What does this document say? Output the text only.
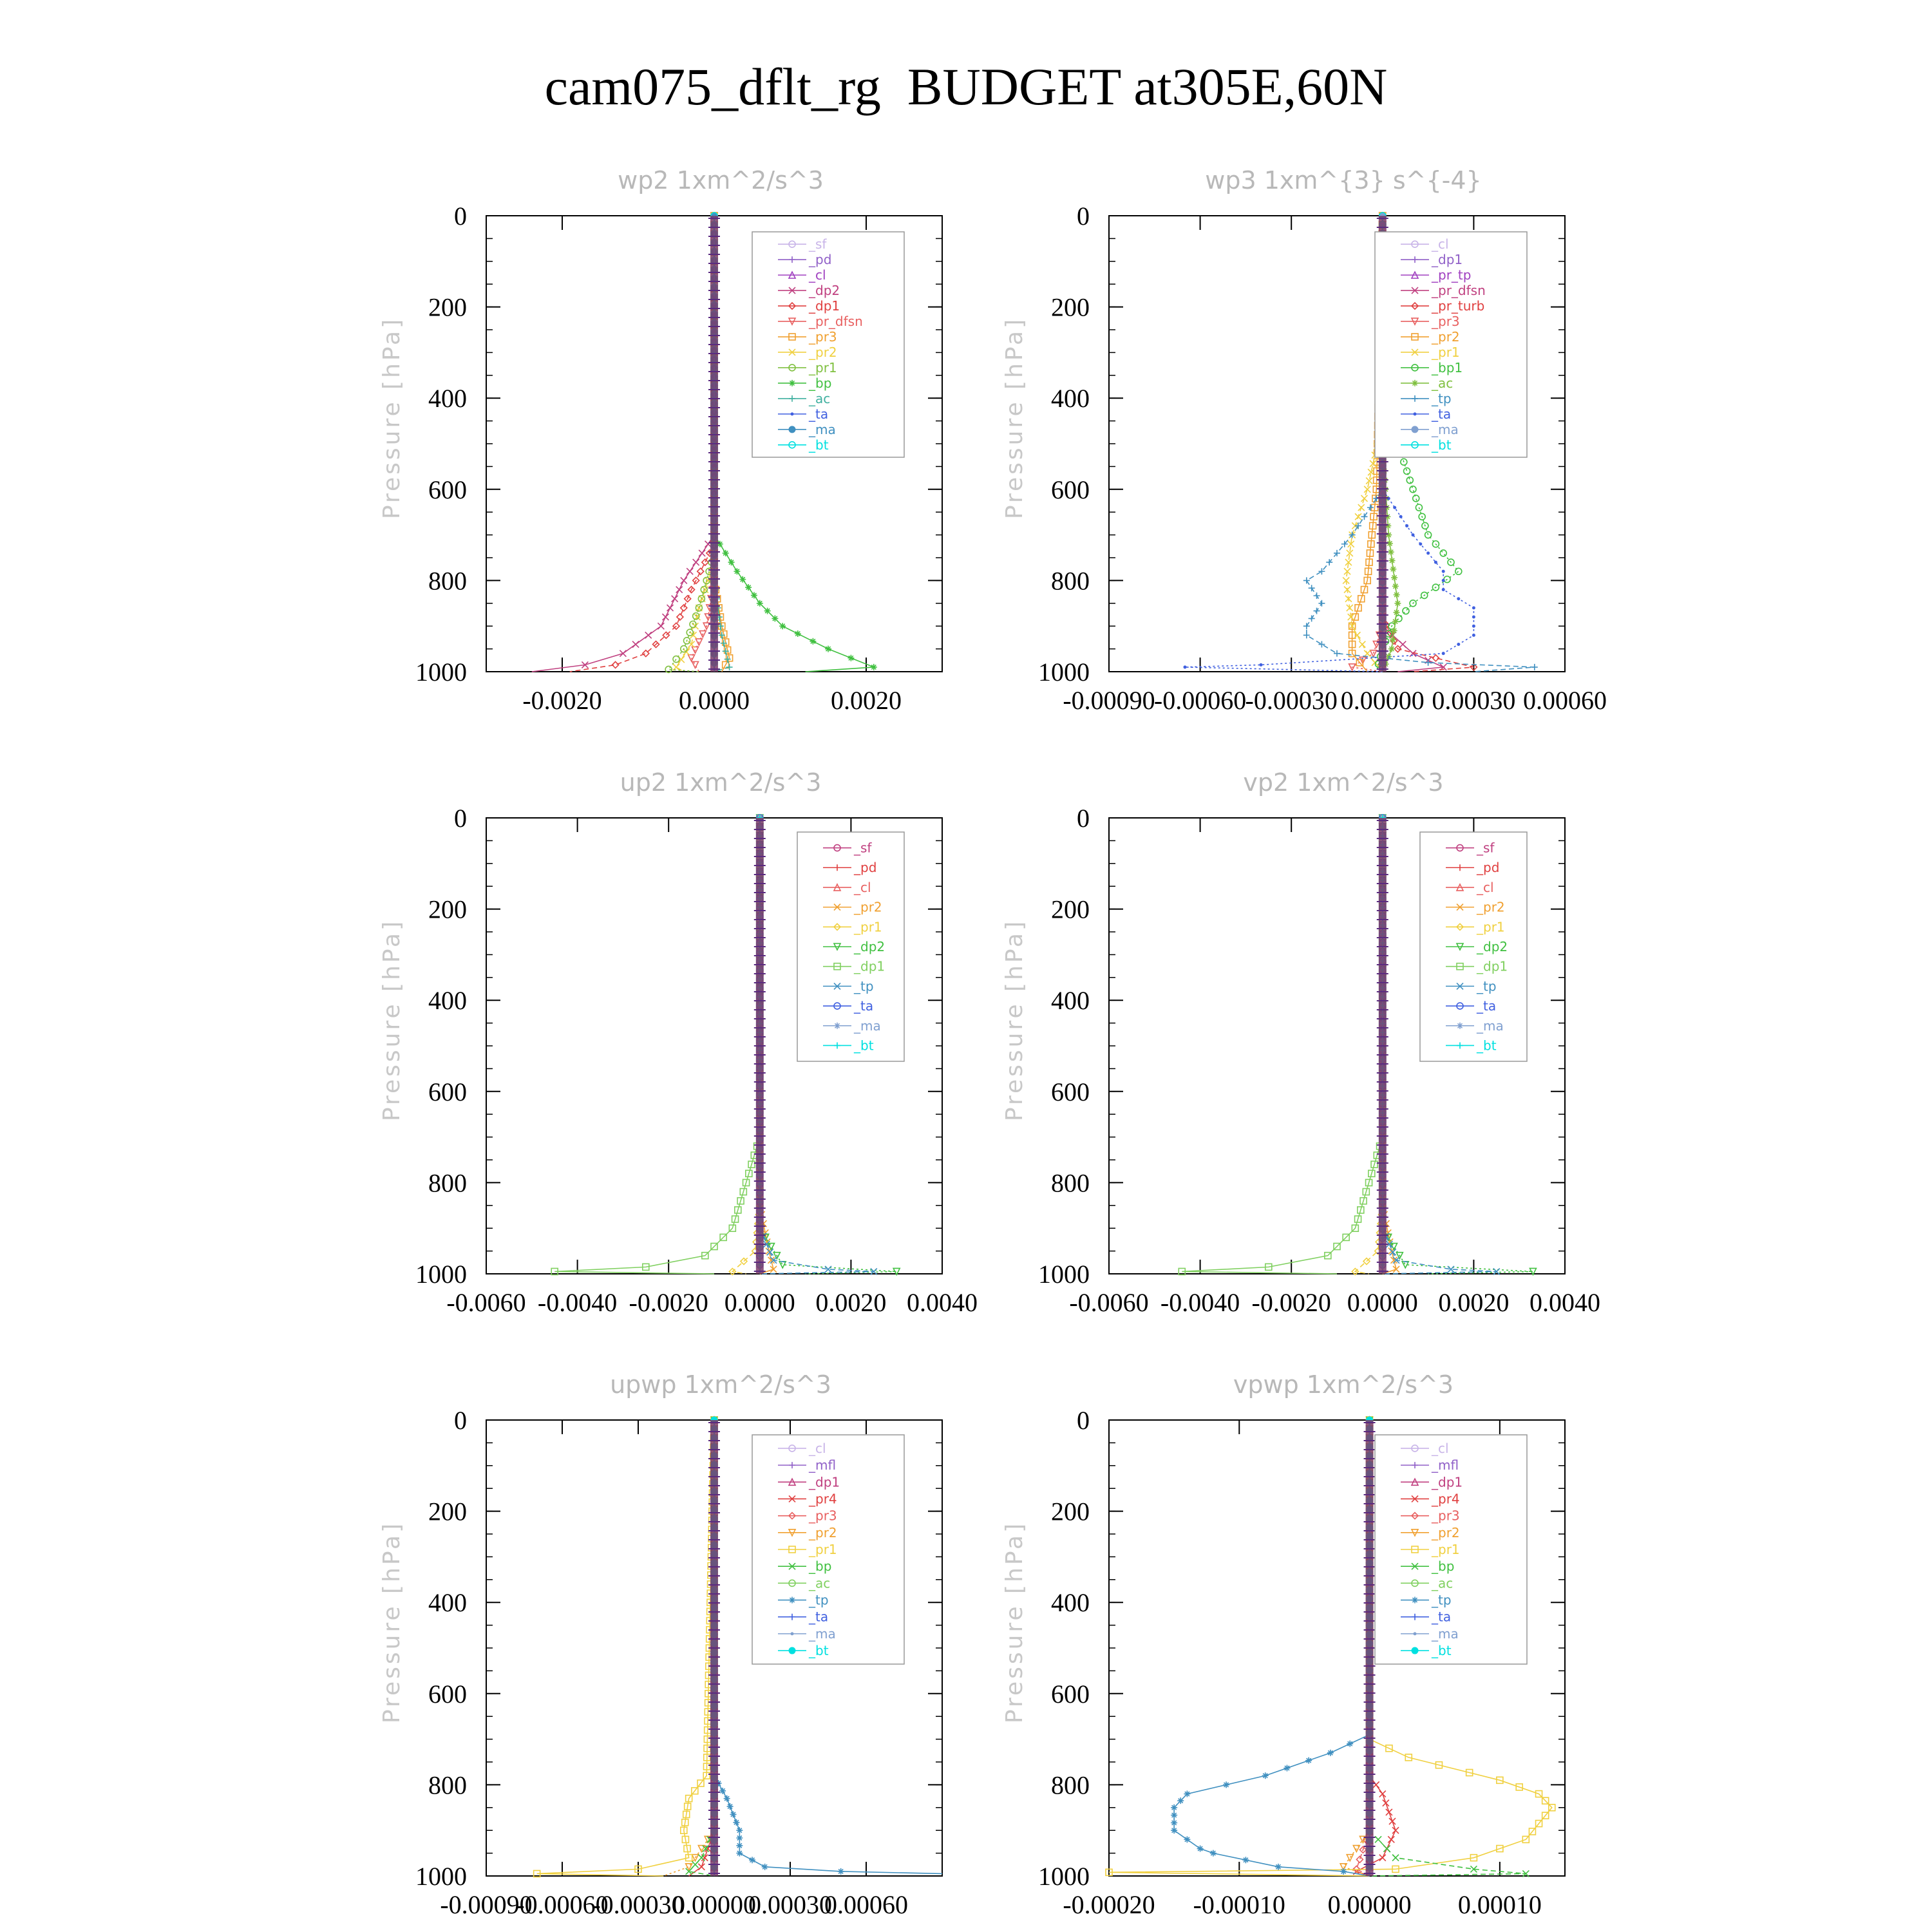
cam075_dflt_rg  BUDGET at305E,60N
wp2 1xm^2/s^3
Pressure [hPa]
0
200
400
600
800
1000
-0.0020	0.0000	0.0020
_sf
_pd
_cl
_dp2
_dp1
_pr_dfsn
_pr3
_pr2
_pr1
_bp
_ac
_ta
_ma
_bt
wp3 1xm^{3} s^{-4}
Pressure [hPa]
0
200
400
600
800
1000
-0.00090
-0.00060
-0.00030 0.00000 0.00030 0.00060
_cl
_dp1
_pr_tp
_pr_dfsn
_pr_turb
_pr3
_pr2
_pr1
_bp1
_ac
_tp
_ta
_ma
_bt
up2 1xm^2/s^3
Pressure [hPa]
0
200
400
600
800
1000
-0.0060 -0.0040 -0.0020 0.0000 0.0020 0.0040
_sf
_pd
_cl
_pr2
_pr1
_dp2
_dp1
_tp
_ta
_ma
_bt
vp2 1xm^2/s^3
Pressure [hPa]
0
200
400
600
800
1000
-0.0060 -0.0040 -0.0020 0.0000 0.0020 0.0040
_sf
_pd
_cl
_pr2
_pr1
_dp2
_dp1
_tp
_ta
_ma
_bt
upwp 1xm^2/s^3
Pressure [hPa]
0
200
400
600
800
1000
-0.00090
-0.00060
-0.00030
0.00000
0.00030
0.00060
_cl
_mfl
_dp1
_pr4
_pr3
_pr2
_pr1
_bp
_ac
_tp
_ta
_ma
_bt
vpwp 1xm^2/s^3
Pressure [hPa]
0
200
400
600
800
1000
-0.00020 -0.00010 0.00000 0.00010
_cl
_mfl
_dp1
_pr4
_pr3
_pr2
_pr1
_bp
_ac
_tp
_ta
_ma
_bt
